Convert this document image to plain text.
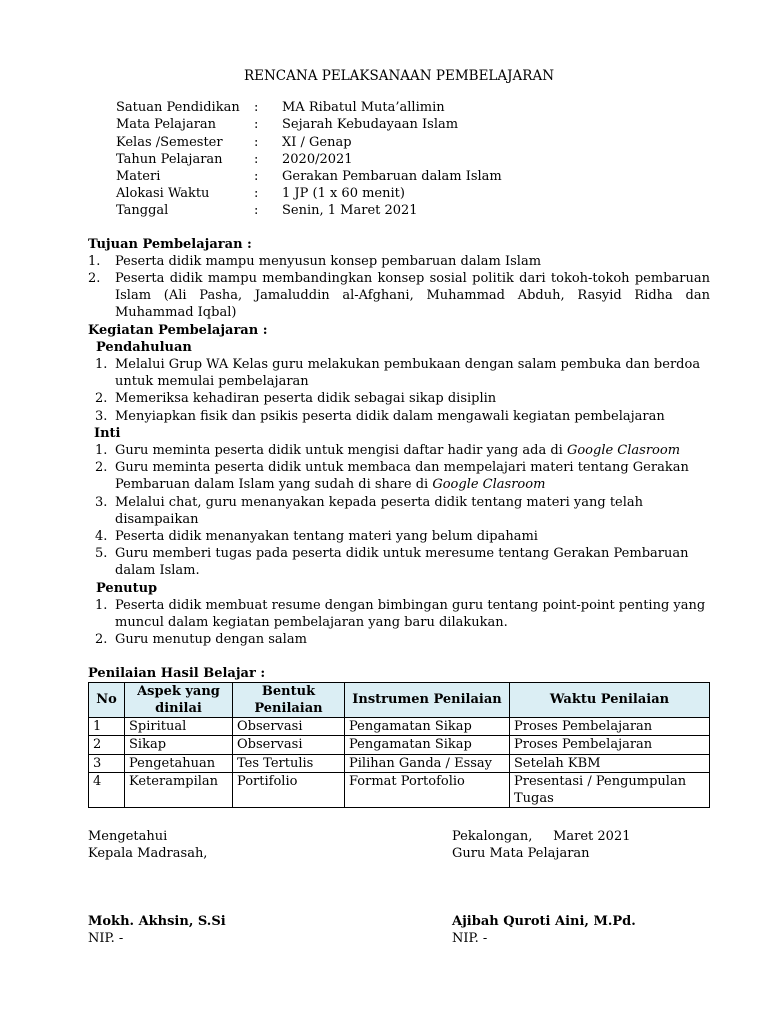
RENCANA PELAKSANAAN PEMBELAJARAN
Satuan Pendidikan	:	MA Ribatul Muta’allimin
Mata Pelajaran	:	Sejarah Kebudayaan Islam
Kelas /Semester	:	XI / Genap
Tahun Pelajaran	:	2020/2021
Materi	:	Gerakan Pembaruan dalam Islam
Alokasi Waktu	:	1 JP (1 x 60 menit)
Tanggal	:	Senin, 1 Maret 2021
Tujuan Pembelajaran :
1.	Peserta didik mampu menyusun konsep pembaruan dalam Islam
2.	Peserta didik mampu membandingkan konsep sosial politik dari tokoh-tokoh pembaruan Islam (Ali Pasha, Jamaluddin al-Afghani, Muhammad Abduh, Rasyid Ridha dan Muhammad Iqbal)
Kegiatan Pembelajaran :
Pendahuluan
1. Melalui Grup WA Kelas guru melakukan pembukaan dengan salam pembuka dan berdoa untuk memulai pembelajaran
2. Memeriksa kehadiran peserta didik sebagai sikap disiplin
3. Menyiapkan fisik dan psikis peserta didik dalam mengawali kegiatan pembelajaran
Inti
1. Guru meminta peserta didik untuk mengisi daftar hadir yang ada di Google Clasroom
2. Guru meminta peserta didik untuk membaca dan mempelajari materi tentang Gerakan Pembaruan dalam Islam yang sudah di share di Google Clasroom
3. Melalui chat, guru menanyakan kepada peserta didik tentang materi yang telah disampaikan
4. Peserta didik menanyakan tentang materi yang belum dipahami
5. Guru memberi tugas pada peserta didik untuk meresume tentang Gerakan Pembaruan dalam Islam.
Penutup
1. Peserta didik membuat resume dengan bimbingan guru tentang point-point penting yang muncul dalam kegiatan pembelajaran yang baru dilakukan.
2. Guru menutup dengan salam
Penilaian Hasil Belajar :
No	Aspek yang dinilai	Bentuk Penilaian	Instrumen Penilaian	Waktu Penilaian
1	Spiritual	Observasi	Pengamatan Sikap	Proses Pembelajaran
2	Sikap	Observasi	Pengamatan Sikap	Proses Pembelajaran
3	Pengetahuan	Tes Tertulis	Pilihan Ganda / Essay	Setelah KBM
4	Keterampilan	Portifolio	Format Portofolio	Presentasi / Pengumpulan Tugas
Mengetahui
Kepala Madrasah,
Mokh. Akhsin, S.Si
NIP. -
Pekalongan,     Maret 2021
Guru Mata Pelajaran
Ajibah Quroti Aini, M.Pd.
NIP. -
